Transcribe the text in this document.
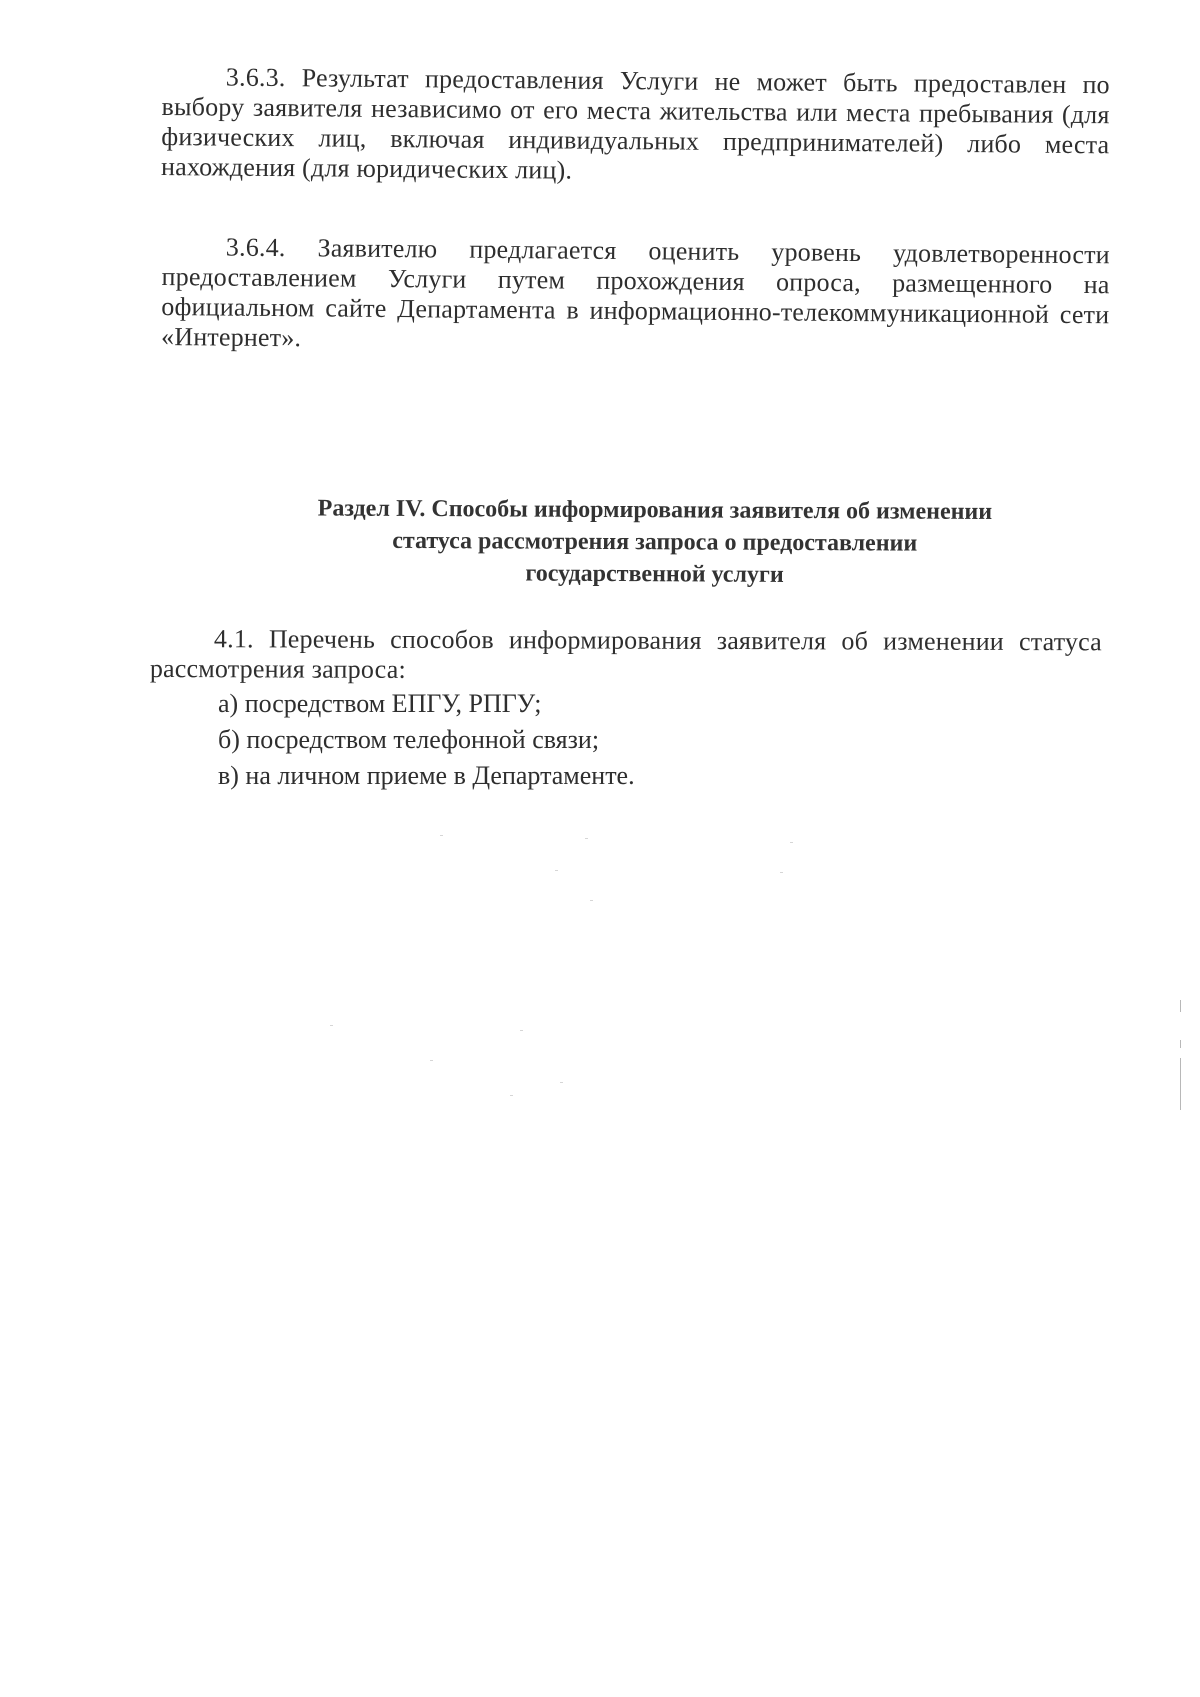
3.6.3. Результат предоставления Услуги не может быть предоставлен по выбору заявителя независимо от его места жительства или места пребывания (для физических лиц, включая индивидуальных предпринимателей) либо места нахождения (для юридических лиц).

3.6.4. Заявителю предлагается оценить уровень удовлетворенности предоставлением Услуги путем прохождения опроса, размещенного на официальном сайте Департамента в информационно-телекоммуникационной сети «Интернет».

Раздел IV. Способы информирования заявителя об изменении
статуса рассмотрения запроса о предоставлении
государственной услуги

4.1. Перечень способов информирования заявителя об изменении статуса рассмотрения запроса:

а) посредством ЕПГУ, РПГУ;
б) посредством телефонной связи;
в) на личном приеме в Департаменте.
